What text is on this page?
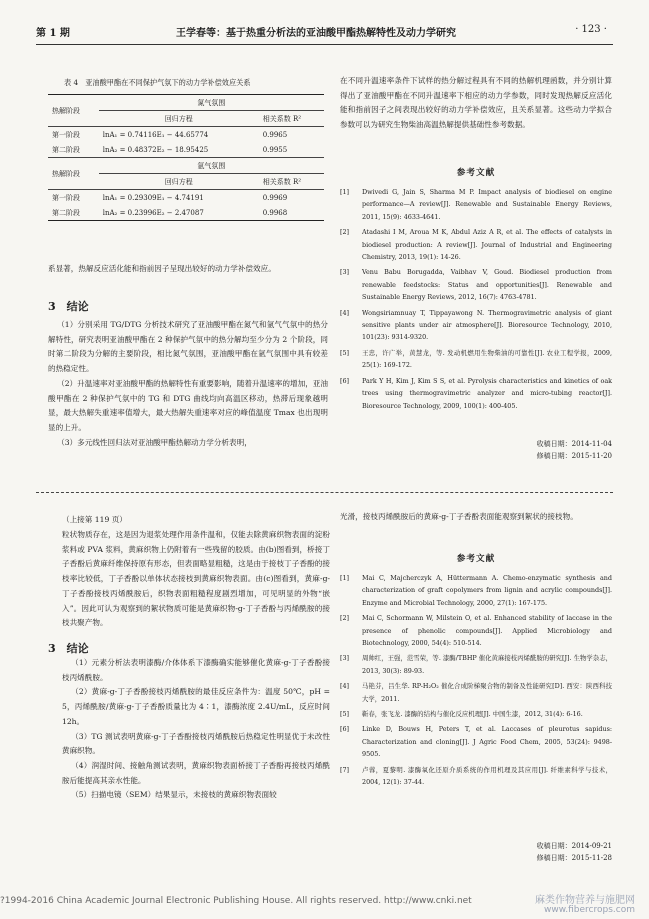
第 1 期	王学春等：基于热重分析法的亚油酸甲酯热解特性及动力学研究	· 123 ·
表 4　亚油酸甲酯在不同保护气氛下的动力学补偿效应关系
热解阶段	氮气氛围	
	回归方程	相关系数 R²
第一阶段	lnA₁ = 0.74116E₁ − 44.65774	0.9965
第二阶段	lnA₂ = 0.48372E₂ − 18.95425	0.9955
热解阶段	氩气氛围	
	回归方程	相关系数 R²
第一阶段	lnA₁ = 0.29309E₁ − 4.74191	0.9969
第二阶段	lnA₂ = 0.23996E₂ − 2.47087	0.9968

系显著，热解反应活化能和指前因子呈现出较好的动力学补偿效应。

3　结论

（1）分别采用 TG/DTG 分析技术研究了亚油酸甲酯在氮气和氩气气氛中的热分解特性，研究表明亚油酸甲酯在 2 种保护气氛中的热分解均至少分为 2 个阶段，同时第二阶段为分解的主要阶段，相比氮气氛围，亚油酸甲酯在氩气氛围中具有较差的热稳定性。

（2）升温速率对亚油酸甲酯的热解特性有重要影响，随着升温速率的增加，亚油酸甲酯在 2 种保护气氛中的 TG 和 DTG 曲线均向高温区移动，热滞后现象越明显，最大热解失重速率值增大，最大热解失重速率对应的峰值温度 Tmax 也出现明显的上升。

（3）多元线性回归法对亚油酸甲酯热解动力学分析表明，

在不同升温速率条件下试样的热分解过程具有不同的热解机理函数，并分别计算得出了亚油酸甲酯在不同升温速率下相应的动力学参数，同时发现热解反应活化能和指前因子之间表现出较好的动力学补偿效应，且关系显著。这些动力学拟合参数可以为研究生物柴油高温热解提供基础性参考数据。

参考文献
[1]	Dwivedi G, Jain S, Sharma M P. Impact analysis of biodiesel on engine performance—A review[J]. Renewable and Sustainable Energy Reviews, 2011, 15(9): 4633-4641.
[2]	Atadashi I M, Aroua M K, Abdul Aziz A R, et al. The effects of catalysts in biodiesel production: A review[J]. Journal of Industrial and Engineering Chemistry, 2013, 19(1): 14-26.
[3]	Venu Babu Borugadda, Vaibhav V, Goud. Biodiesel production from renewable feedstocks: Status and opportunities[J]. Renewable and Sustainable Energy Reviews, 2012, 16(7): 4763-4781.
[4]	Wongsiriamnuay T, Tippayawong N. Thermogravimetric analysis of giant sensitive plants under air atmosphere[J]. Bioresource Technology, 2010, 101(23): 9314-9320.
[5]	王忠，许广举，黄慧龙，等. 发动机燃用生物柴油的可靠性[J]. 农业工程学报，2009, 25(1): 169-172.
[6]	Park Y H, Kim J, Kim S S, et al. Pyrolysis characteristics and kinetics of oak trees using thermogravimetric analyzer and micro-tubing reactor[J]. Bioresource Technology, 2009, 100(1): 400-405.
收稿日期：2014-11-04
修稿日期：2015-11-20
（上接第 119 页）

粒状物质存在，这是因为退浆处理作用条件温和，仅能去除黄麻织物表面的淀粉浆料或 PVA 浆料，黄麻织物上仍附着有一些残留的胶质。由(b)图看到，桥接丁子香酚后黄麻纤维保持原有形态，但表面略显粗糙，这是由于接枝丁子香酚的接枝率比较低，丁子香酚以单体状态接枝到黄麻织物表面。由(c)图看到，黄麻-g-丁子香酚接枝丙烯酰胺后，织物表面粗糙程度剧烈增加，可见明显的外物“嵌入”。因此可认为观察到的絮状物质可能是黄麻织物-g-丁子香酚与丙烯酰胺的接枝共聚产物。

3　结论

（1）元素分析法表明漆酶/介体体系下漆酶确实能够催化黄麻-g-丁子香酚接枝丙烯酰胺。

（2）黄麻-g-丁子香酚接枝丙烯酰胺的最佳反应条件为：温度 50℃，pH = 5，丙烯酰胺/黄麻-g-丁子香酚质量比为 4∶1，漆酶浓度 2.4U/mL，反应时间 12h。

（3）TG 测试表明黄麻-g-丁子香酚接枝丙烯酰胺后热稳定性明显优于未改性黄麻织物。

（4）润湿时间、接触角测试表明，黄麻织物表面桥接丁子香酚再接枝丙烯酰胺后能提高其亲水性能。

（5）扫描电镜（SEM）结果显示，未接枝的黄麻织物表面较

光滑，接枝丙烯酰胺后的黄麻-g-丁子香酚表面能观察到絮状的接枝物。

参考文献
[1]	Mai C, Majcherczyk A, Hüttermann A. Chemo-enzymatic synthesis and characterization of graft copolymers from lignin and acrylic compounds[J]. Enzyme and Microbial Technology, 2000, 27(1): 167-175.
[2]	Mai C, Schormann W, Milstein O, et al. Enhanced stability of laccase in the presence of phenolic compounds[J]. Applied Microbiology and Biotechnology, 2000, 54(4): 510-514.
[3]	周帅红，王强，范雪荣，等. 漆酶/TBHP 催化黄麻接枝丙烯酰胺的研究[J]. 生物学杂志，2013, 30(3): 89-93.
[4]	马艳芬，吕生华. RP-H₂O₂ 催化合成阶梯聚合物的制备及性能研究[D]. 西安：陕西科技大学，2011.
[5]	靳春，张飞龙. 漆酶的结构与催化反应机理[J]. 中国生漆，2012, 31(4): 6-16.
[6]	Linke D, Bouws H, Peters T, et al. Laccases of pleurotus sapidus: Characterization and cloning[J]. J Agric Food Chem, 2005, 53(24): 9498-9505.
[7]	卢蓉，夏黎明. 漆酶氧化还原介质系统的作用机理及其应用[J]. 纤维素科学与技术，2004, 12(1): 37-44.
收稿日期：2014-09-21
修稿日期：2015-11-28
?1994-2016 China Academic Journal Electronic Publishing House. All rights reserved. http://www.cnki.net	麻类作物营养与施肥网
www.fibercrops.com
